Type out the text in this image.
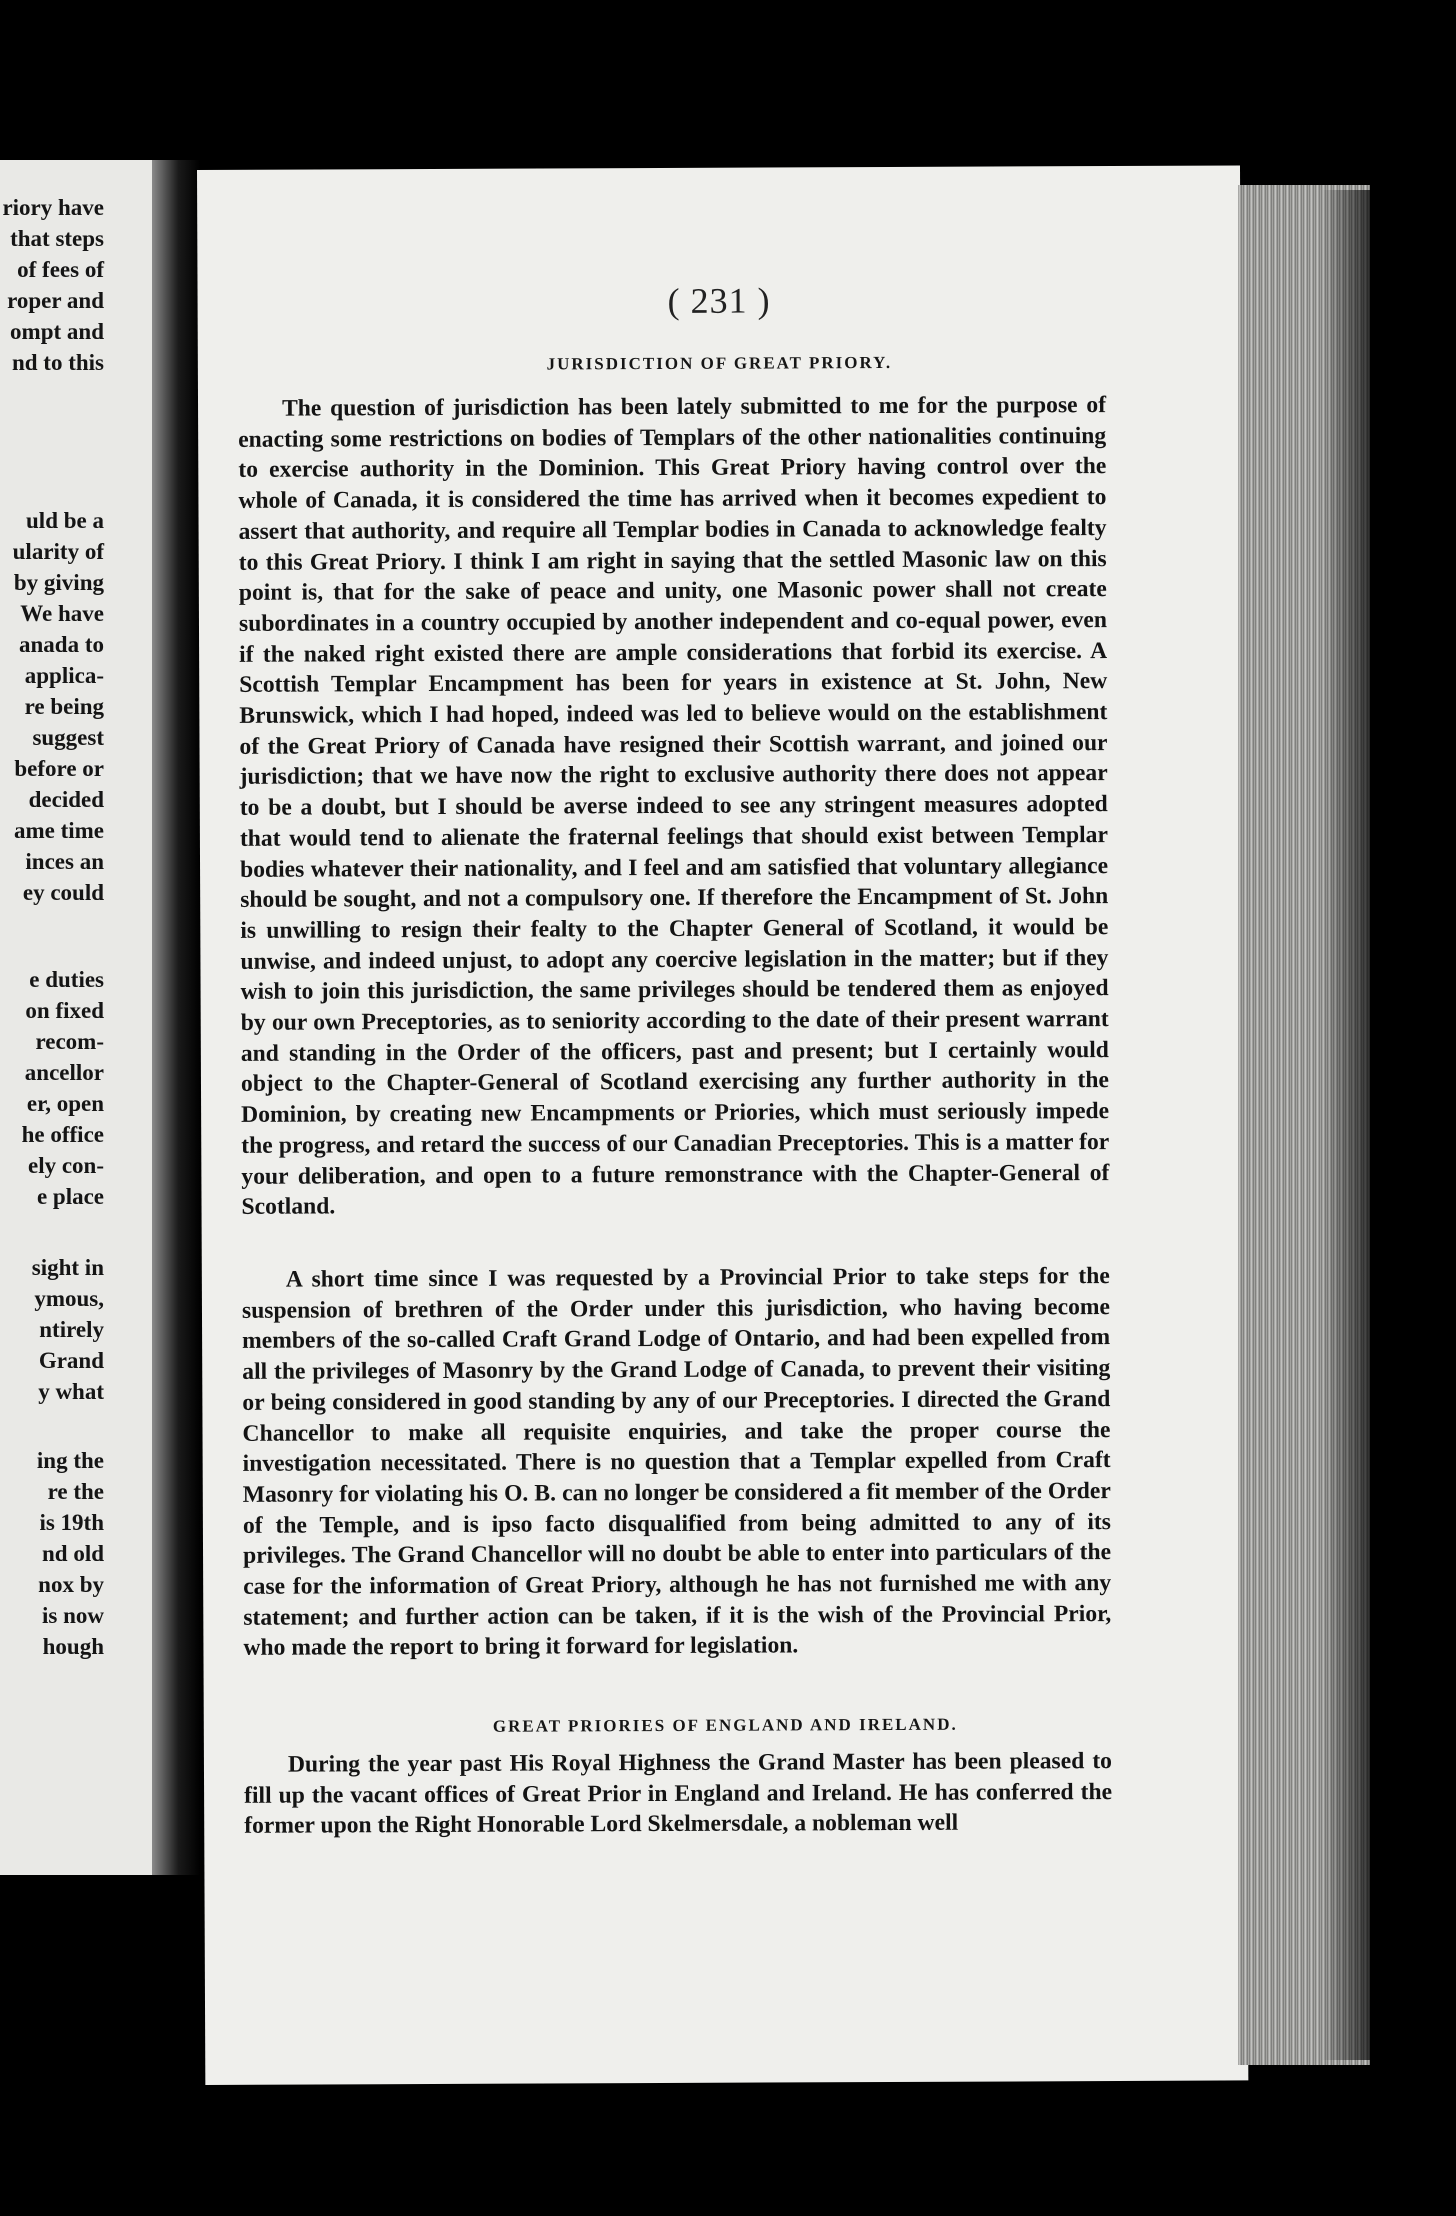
riory have
that steps
of fees of
roper and
ompt and
nd to this
uld be a
ularity of
by giving
We have
anada to
applica-
re being
suggest
before or
decided
ame time
inces an
ey could
e duties
on fixed
recom-
ancellor
er, open
he office
ely con-
e place
sight in
ymous,
ntirely
Grand
y what
ing the
re the
is 19th
nd old
nox by
is now
hough
( 231 )
JURISDICTION OF GREAT PRIORY.

The question of jurisdiction has been lately submitted to me for the purpose of enacting some restrictions on bodies of Templars of the other nationalities continuing to exercise authority in the Dominion. This Great Priory having control over the whole of Canada, it is considered the time has arrived when it becomes expedient to assert that authority, and require all Templar bodies in Canada to acknowledge fealty to this Great Priory. I think I am right in saying that the settled Masonic law on this point is, that for the sake of peace and unity, one Masonic power shall not create subordinates in a country occupied by another independent and co-equal power, even if the naked right existed there are ample considerations that forbid its exercise. A Scottish Templar Encampment has been for years in existence at St. John, New Brunswick, which I had hoped, indeed was led to believe would on the establishment of the Great Priory of Canada have resigned their Scottish warrant, and joined our jurisdiction; that we have now the right to exclusive authority there does not appear to be a doubt, but I should be averse indeed to see any stringent measures adopted that would tend to alienate the fraternal feelings that should exist between Templar bodies whatever their nationality, and I feel and am satisfied that voluntary allegiance should be sought, and not a compulsory one. If therefore the Encampment of St. John is unwilling to resign their fealty to the Chapter General of Scotland, it would be unwise, and indeed unjust, to adopt any coercive legislation in the matter; but if they wish to join this jurisdiction, the same privileges should be tendered them as enjoyed by our own Preceptories, as to seniority according to the date of their present warrant and standing in the Order of the officers, past and present; but I certainly would object to the Chapter-General of Scotland exercising any further authority in the Dominion, by creating new Encampments or Priories, which must seriously impede the progress, and retard the success of our Canadian Preceptories. This is a matter for your deliberation, and open to a future remonstrance with the Chapter-General of Scotland.

A short time since I was requested by a Provincial Prior to take steps for the suspension of brethren of the Order under this jurisdiction, who having become members of the so-called Craft Grand Lodge of Ontario, and had been expelled from all the privileges of Masonry by the Grand Lodge of Canada, to prevent their visiting or being considered in good standing by any of our Preceptories. I directed the Grand Chancellor to make all requisite enquiries, and take the proper course the investigation necessitated. There is no question that a Templar expelled from Craft Masonry for violating his O. B. can no longer be considered a fit member of the Order of the Temple, and is ipso facto disqualified from being admitted to any of its privileges. The Grand Chancellor will no doubt be able to enter into particulars of the case for the information of Great Priory, although he has not furnished me with any statement; and further action can be taken, if it is the wish of the Provincial Prior, who made the report to bring it forward for legislation.

GREAT PRIORIES OF ENGLAND AND IRELAND.

During the year past His Royal Highness the Grand Master has been pleased to fill up the vacant offices of Great Prior in England and Ireland. He has conferred the former upon the Right Honorable Lord Skelmersdale, a nobleman well
